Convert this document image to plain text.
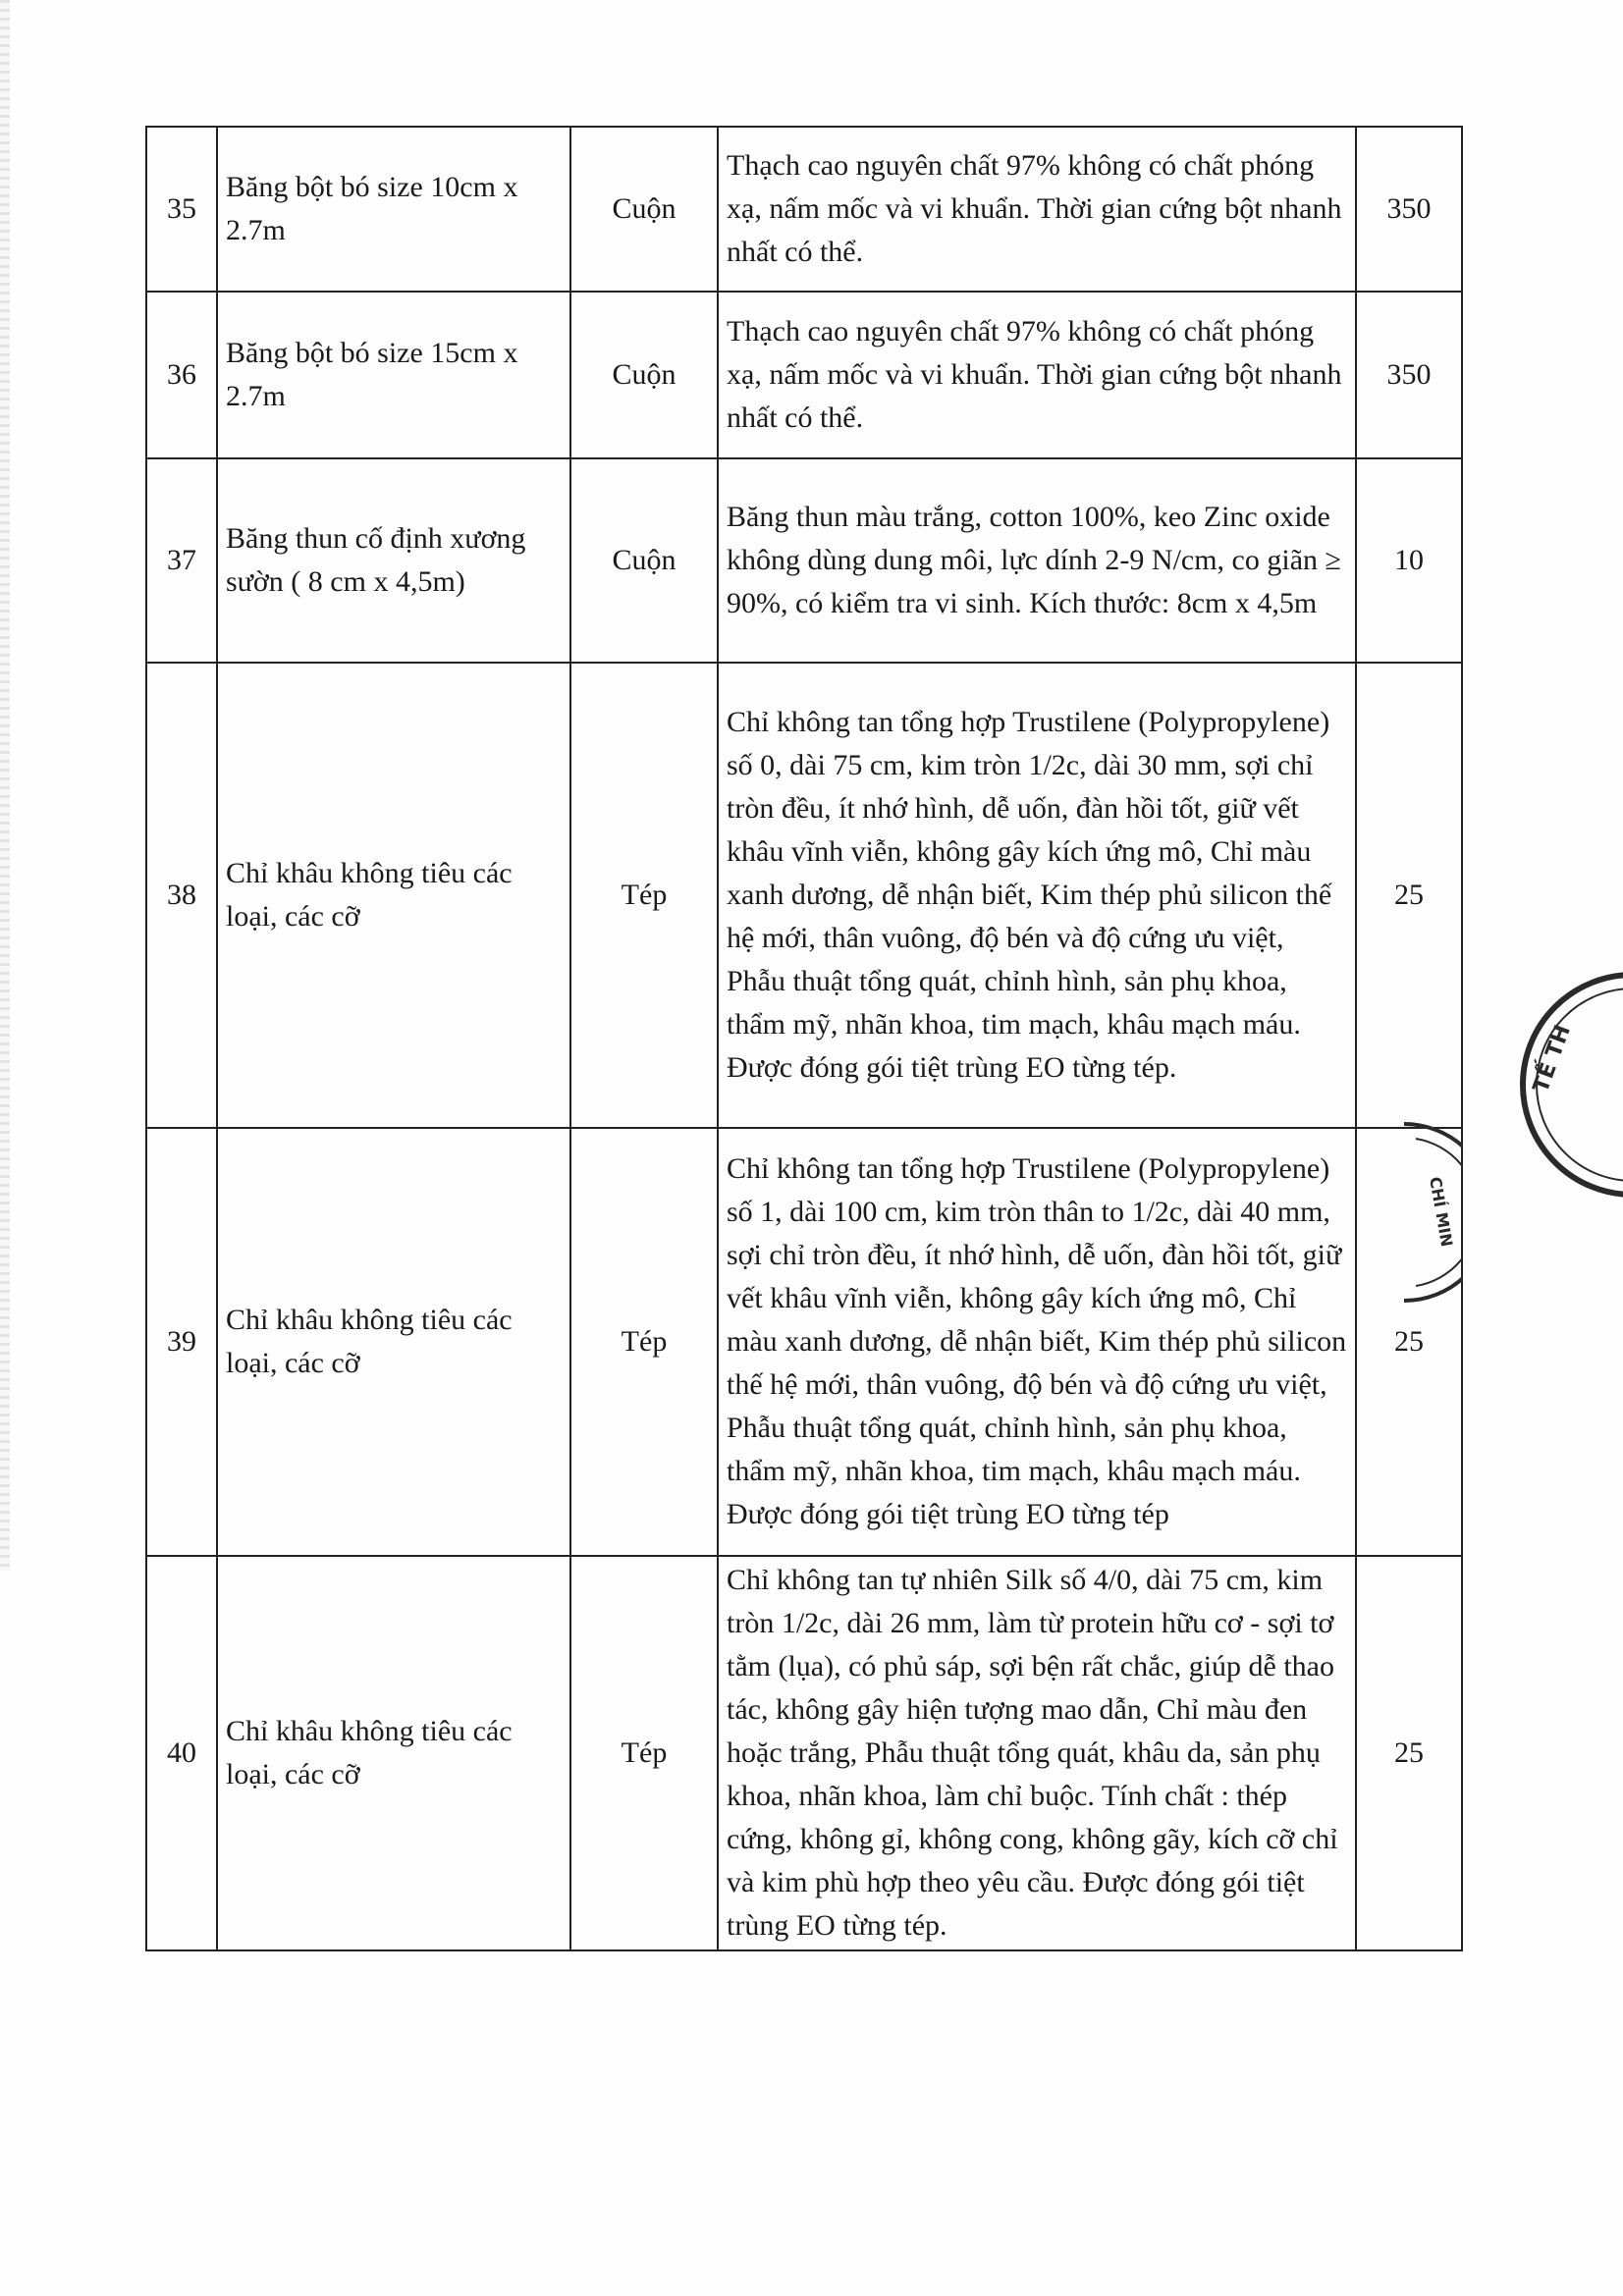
35	Băng bột bó size 10cm x 2.7m	Cuộn	Thạch cao nguyên chất 97% không có chất phóng xạ, nấm mốc và vi khuẩn. Thời gian cứng bột nhanh nhất có thể.	350
36	Băng bột bó size 15cm x 2.7m	Cuộn	Thạch cao nguyên chất 97% không có chất phóng xạ, nấm mốc và vi khuẩn. Thời gian cứng bột nhanh nhất có thể.	350
37	Băng thun cố định xương sườn ( 8 cm x 4,5m)	Cuộn	Băng thun màu trắng, cotton 100%, keo Zinc oxide không dùng dung môi, lực dính 2-9 N/cm, co giãn ≥ 90%, có kiểm tra vi sinh. Kích thước: 8cm x 4,5m	10
38	Chỉ khâu không tiêu các loại, các cỡ	Tép	Chỉ không tan tổng hợp Trustilene (Polypropylene) số 0, dài 75 cm, kim tròn 1/2c, dài 30 mm, sợi chỉ tròn đều, ít nhớ hình, dễ uốn, đàn hồi tốt, giữ vết khâu vĩnh viễn, không gây kích ứng mô, Chỉ màu xanh dương, dễ nhận biết, Kim thép phủ silicon thế hệ mới, thân vuông, độ bén và độ cứng ưu việt, Phẫu thuật tổng quát, chỉnh hình, sản phụ khoa, thẩm mỹ, nhãn khoa, tim mạch, khâu mạch máu. Được đóng gói tiệt trùng EO từng tép.	25
39	Chỉ khâu không tiêu các loại, các cỡ	Tép	Chỉ không tan tổng hợp Trustilene (Polypropylene) số 1, dài 100 cm, kim tròn thân to 1/2c, dài 40 mm, sợi chỉ tròn đều, ít nhớ hình, dễ uốn, đàn hồi tốt, giữ vết khâu vĩnh viễn, không gây kích ứng mô, Chỉ màu xanh dương, dễ nhận biết, Kim thép phủ silicon thế hệ mới, thân vuông, độ bén và độ cứng ưu việt, Phẫu thuật tổng quát, chỉnh hình, sản phụ khoa, thẩm mỹ, nhãn khoa, tim mạch, khâu mạch máu. Được đóng gói tiệt trùng EO từng tép	25
40	Chỉ khâu không tiêu các loại, các cỡ	Tép	Chỉ không tan tự nhiên Silk số 4/0, dài 75 cm, kim tròn 1/2c, dài 26 mm, làm từ protein hữu cơ - sợi tơ tằm (lụa), có phủ sáp, sợi bện rất chắc, giúp dễ thao tác, không gây hiện tượng mao dẫn, Chỉ màu đen hoặc trắng, Phẫu thuật tổng quát, khâu da, sản phụ khoa, nhãn khoa, làm chỉ buộc. Tính chất : thép cứng, không gỉ, không cong, không gãy, kích cỡ chỉ và kim phù hợp theo yêu cầu. Được đóng gói tiệt trùng EO từng tép.	25
TẾ TH
CHÍ MIN
